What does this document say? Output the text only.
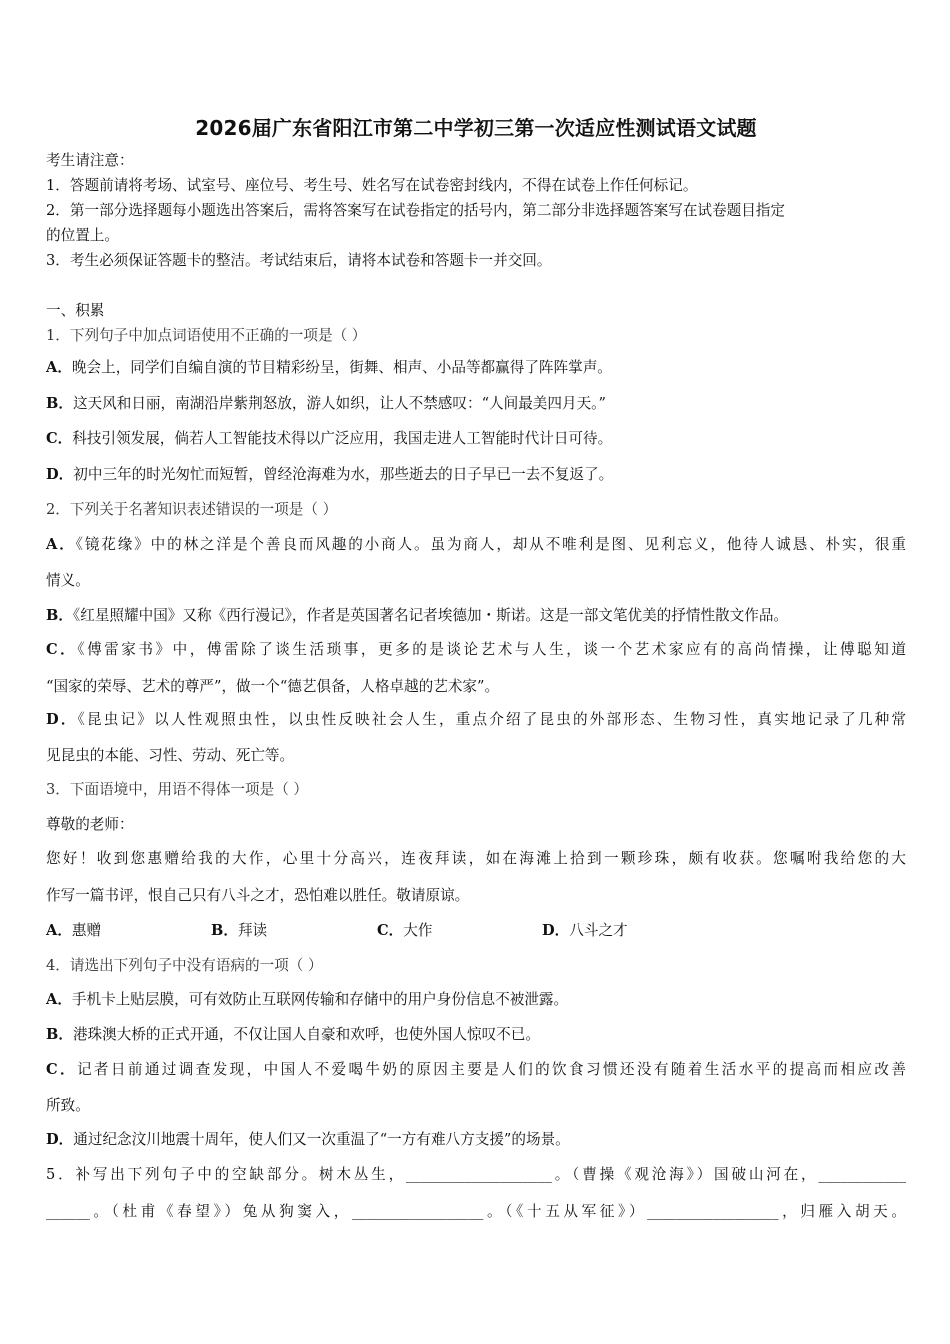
2026届广东省阳江市第二中学初三第一次适应性测试语文试题
考生请注意：
1．答题前请将考场、试室号、座位号、考生号、姓名写在试卷密封线内，不得在试卷上作任何标记。
2．第一部分选择题每小题选出答案后，需将答案写在试卷指定的括号内，第二部分非选择题答案写在试卷题目指定
的位置上。
3．考生必须保证答题卡的整洁。考试结束后，请将本试卷和答题卡一并交回。
一、积累
1．下列句子中加点词语使用不正确的一项是（ ）
A．晚会上，同学们自编自演的节目精彩纷呈，街舞、相声、小品等都赢得了阵阵掌声。
B．这天风和日丽，南湖沿岸紫荆怒放，游人如织，让人不禁感叹：“人间最美四月天。”
C．科技引领发展，倘若人工智能技术得以广泛应用，我国走进人工智能时代计日可待。
D．初中三年的时光匆忙而短暂，曾经沧海难为水，那些逝去的日子早已一去不复返了。
2．下列关于名著知识表述错误的一项是（ ）
A．《镜花缘》中的林之洋是个善良而风趣的小商人。虽为商人，却从不唯利是图、见利忘义，他待人诚恳、朴实，很重
情义。
B．《红星照耀中国》又称《西行漫记》，作者是英国著名记者埃德加・斯诺。这是一部文笔优美的抒情性散文作品。
C．《傅雷家书》中，傅雷除了谈生活琐事，更多的是谈论艺术与人生，谈一个艺术家应有的高尚情操，让傅聪知道
“国家的荣辱、艺术的尊严”，做一个“德艺俱备，人格卓越的艺术家”。
D．《昆虫记》以人性观照虫性，以虫性反映社会人生，重点介绍了昆虫的外部形态、生物习性，真实地记录了几种常
见昆虫的本能、习性、劳动、死亡等。
3．下面语境中，用语不得体一项是（ ）
尊敬的老师：
您好！收到您惠赠给我的大作，心里十分高兴，连夜拜读，如在海滩上拾到一颗珍珠，颇有收获。您嘱咐我给您的大
作写一篇书评，恨自己只有八斗之才，恐怕难以胜任。敬请原谅。
A．惠赠	B．拜读	C．大作	D．八斗之才
4．请选出下列句子中没有语病的一项（ ）
A．手机卡上贴层膜，可有效防止互联网传输和存储中的用户身份信息不被泄露。
B．港珠澳大桥的正式开通，不仅让国人自豪和欢呼，也使外国人惊叹不已。
C．记者日前通过调查发现，中国人不爱喝牛奶的原因主要是人们的饮食习惯还没有随着生活水平的提高而相应改善
所致。
D．通过纪念汶川地震十周年，使人们又一次重温了“一方有难八方支援”的场景。
5．补写出下列句子中的空缺部分。树木丛生，____________________。（曹操《观沧海》）国破山河在，____________
______。（杜甫《春望》）兔从狗窦入，__________________。（《十五从军征》）__________________，归雁入胡天。
